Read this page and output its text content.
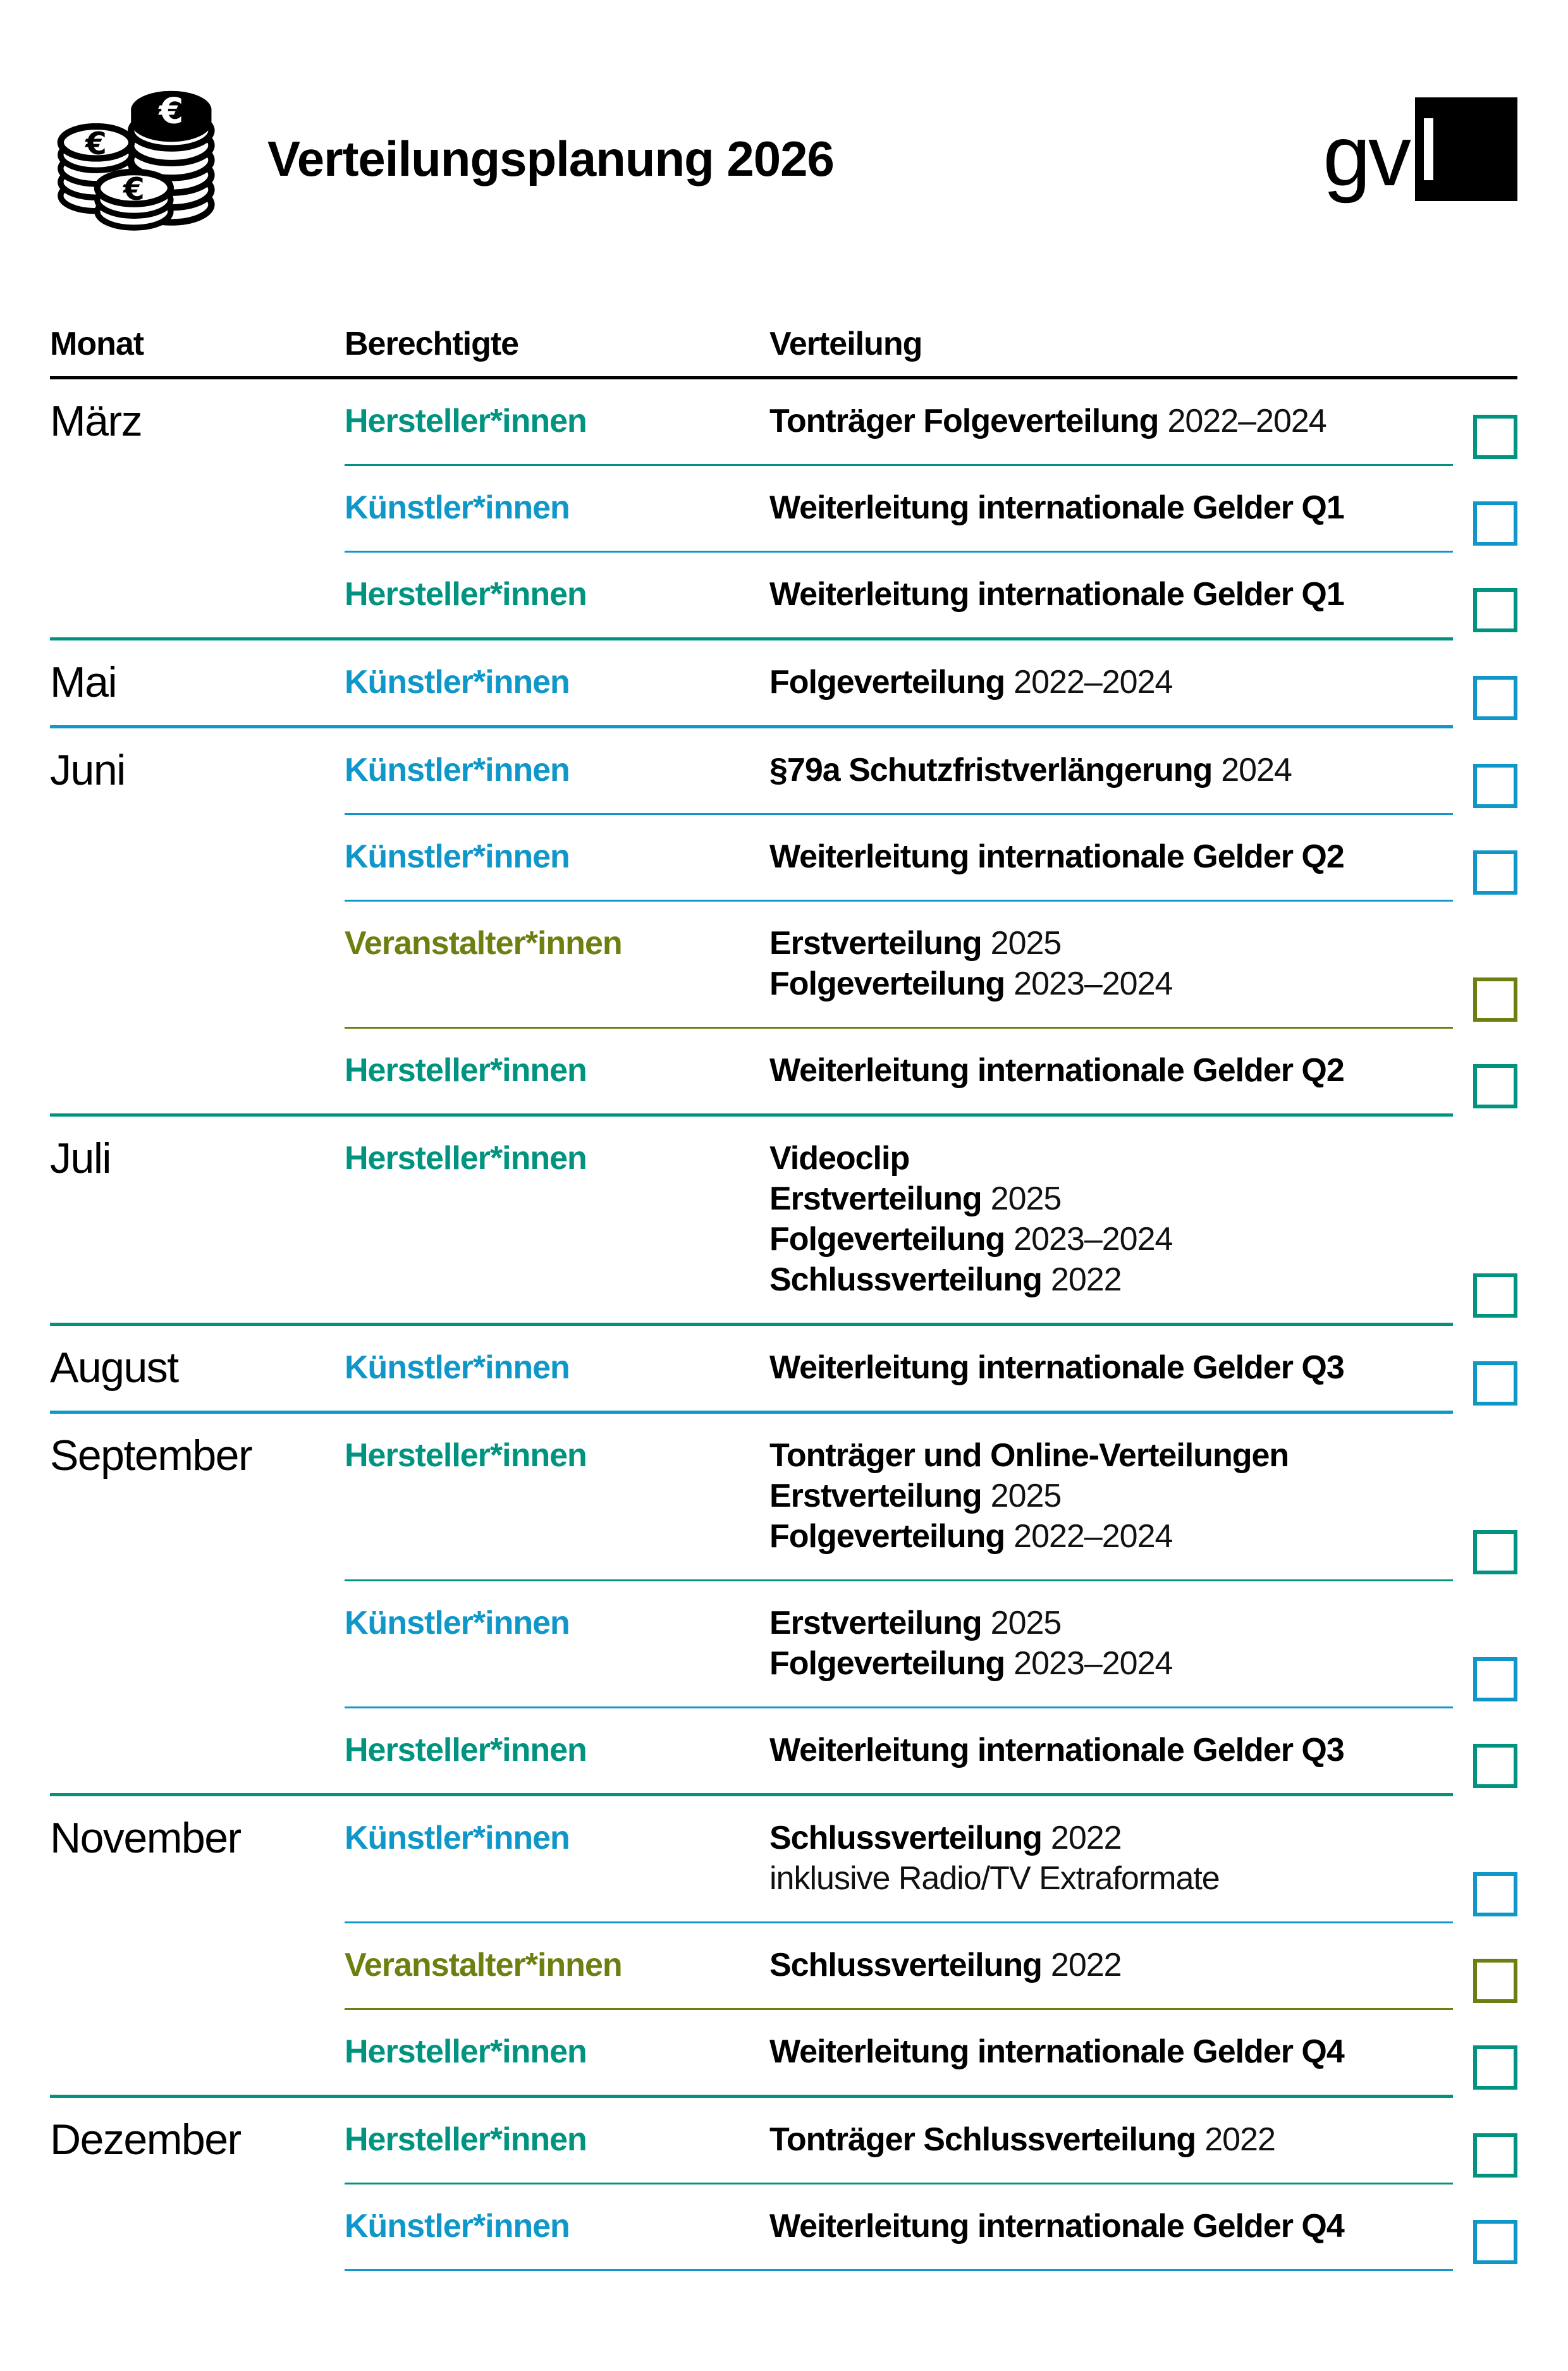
€
€
€
Verteilungsplanung 2026	gv
Monat	Berechtigte	Verteilung
März	Hersteller*innen	Tonträger Folgeverteilung 2022–2024
Künstler*innen	Weiterleitung internationale Gelder Q1
Hersteller*innen	Weiterleitung internationale Gelder Q1
Mai	Künstler*innen	Folgeverteilung 2022–2024
Juni	Künstler*innen	§79a Schutzfristverlängerung 2024
Künstler*innen	Weiterleitung internationale Gelder Q2
Veranstalter*innen	Erstverteilung 2025
Folgeverteilung 2023–2024
Hersteller*innen	Weiterleitung internationale Gelder Q2
Juli	Hersteller*innen	Videoclip
Erstverteilung 2025
Folgeverteilung 2023–2024
Schlussverteilung 2022
August	Künstler*innen	Weiterleitung internationale Gelder Q3
September	Hersteller*innen	Tonträger und Online-Verteilungen
Erstverteilung 2025
Folgeverteilung 2022–2024
Künstler*innen	Erstverteilung 2025
Folgeverteilung 2023–2024
Hersteller*innen	Weiterleitung internationale Gelder Q3
November	Künstler*innen	Schlussverteilung 2022
inklusive Radio/TV Extraformate
Veranstalter*innen	Schlussverteilung 2022
Hersteller*innen	Weiterleitung internationale Gelder Q4
Dezember	Hersteller*innen	Tonträger Schlussverteilung 2022
Künstler*innen	Weiterleitung internationale Gelder Q4
